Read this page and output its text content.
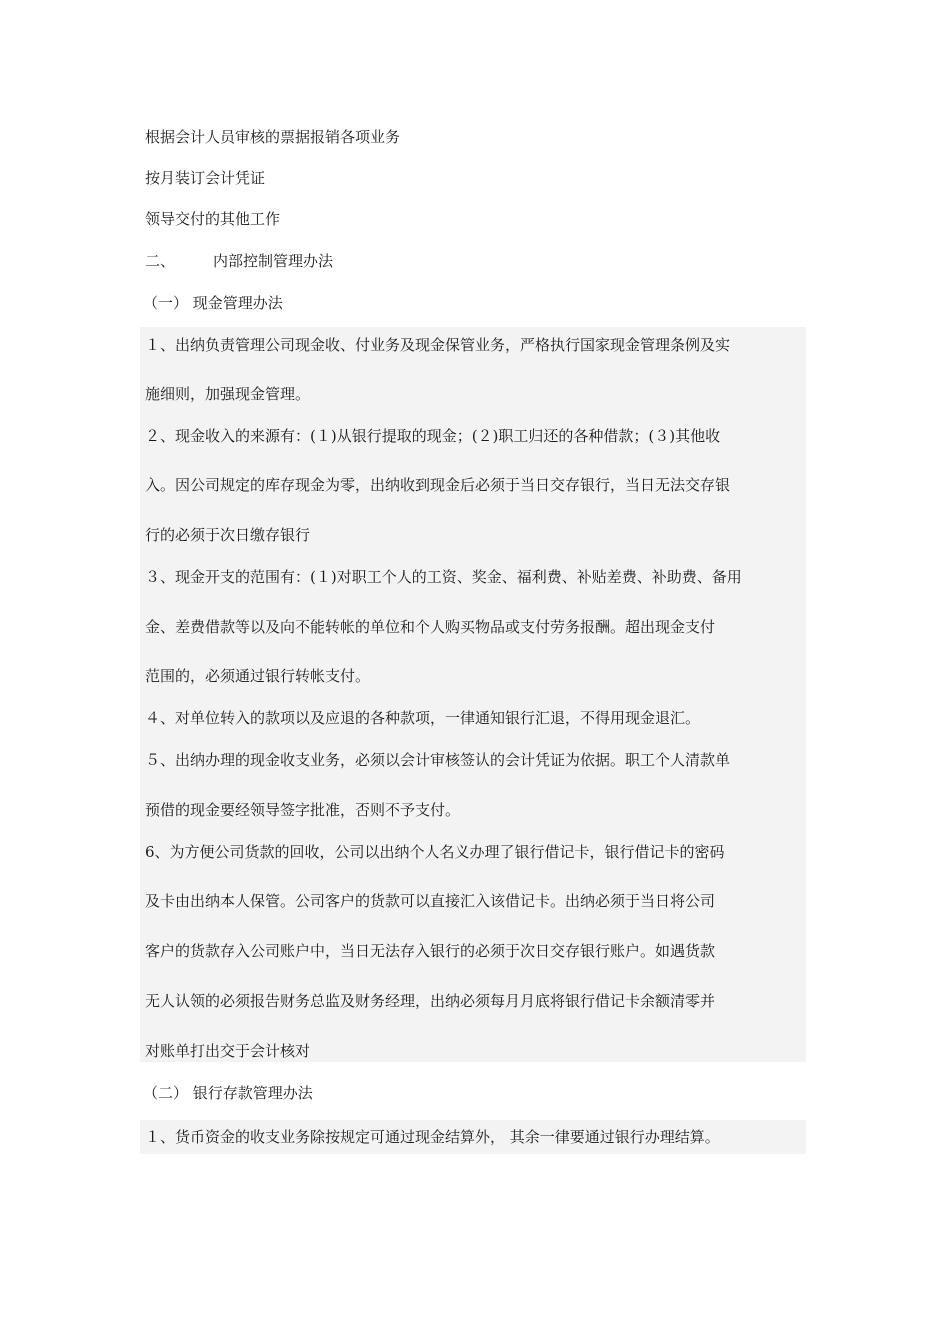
根据会计人员审核的票据报销各项业务
按月装订会计凭证
领导交付的其他工作
二、	内部控制管理办法
（一） 现金管理办法
１、出纳负责管理公司现金收、付业务及现金保管业务，严格执行国家现金管理条例及实
施细则，加强现金管理。
２、现金收入的来源有：(１)从银行提取的现金；(２)职工归还的各种借款；(３)其他收
入。因公司规定的库存现金为零，出纳收到现金后必须于当日交存银行，当日无法交存银
行的必须于次日缴存银行
３、现金开支的范围有：(１)对职工个人的工资、奖金、福利费、补贴差费、补助费、备用
金、差费借款等以及向不能转帐的单位和个人购买物品或支付劳务报酬。超出现金支付
范围的，必须通过银行转帐支付。
４、对单位转入的款项以及应退的各种款项，一律通知银行汇退，不得用现金退汇。
５、出纳办理的现金收支业务，必须以会计审核签认的会计凭证为依据。职工个人清款单
预借的现金要经领导签字批准，否则不予支付。
6、为方便公司货款的回收，公司以出纳个人名义办理了银行借记卡，银行借记卡的密码
及卡由出纳本人保管。公司客户的货款可以直接汇入该借记卡。出纳必须于当日将公司
客户的货款存入公司账户中，当日无法存入银行的必须于次日交存银行账户。如遇货款
无人认领的必须报告财务总监及财务经理，出纳必须每月月底将银行借记卡余额清零并
对账单打出交于会计核对
（二） 银行存款管理办法
１、货币资金的收支业务除按规定可通过现金结算外， 其余一律要通过银行办理结算。
